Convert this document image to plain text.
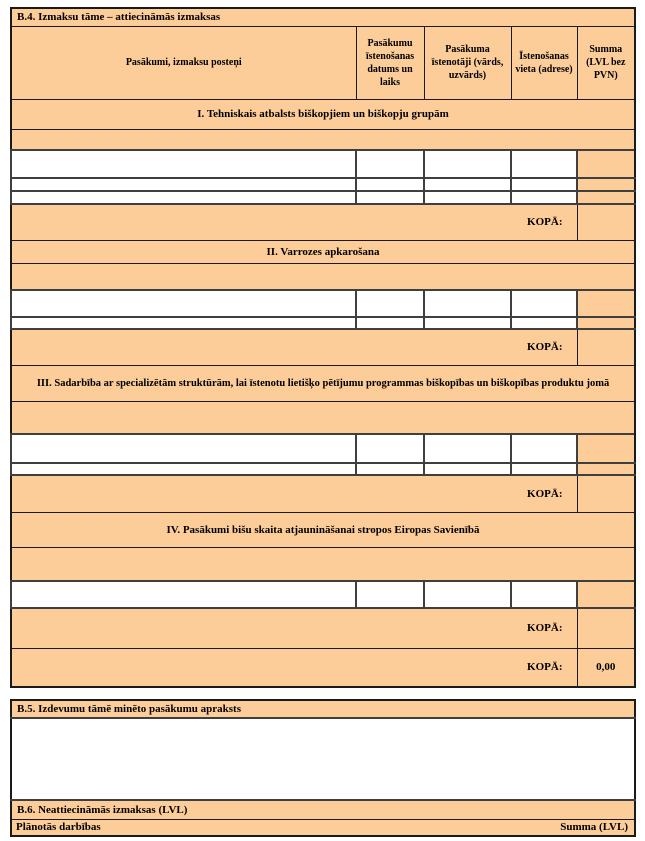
B.4. Izmaksu tāme – attiecināmās izmaksas				
Pasākumi, izmaksu posteņi	Pasākumu īstenošanas datums un laiks	Pasākuma īstenotāji (vārds, uzvārds)	Īstenošanas vieta (adrese)	Summa (LVL bez PVN)
I. Tehniskais atbalsts biškopjiem un biškopju grupām				

KOPĀ:				
II. Varrozes apkarošana				

KOPĀ:				
III. Sadarbība ar specializētām struktūrām, lai īstenotu lietišķo pētījumu programmas biškopības un biškopības produktu jomā				

KOPĀ:				
IV. Pasākumi bišu skaita atjaunināšanai stropos Eiropas Savienībā				

KOPĀ:				
KOPĀ:				0,00
B.5. Izdevumu tāmē minēto pasākumu apraksts

B.6. Neattiecināmās izmaksas (LVL)

Plānotās darbības	Summa (LVL)
